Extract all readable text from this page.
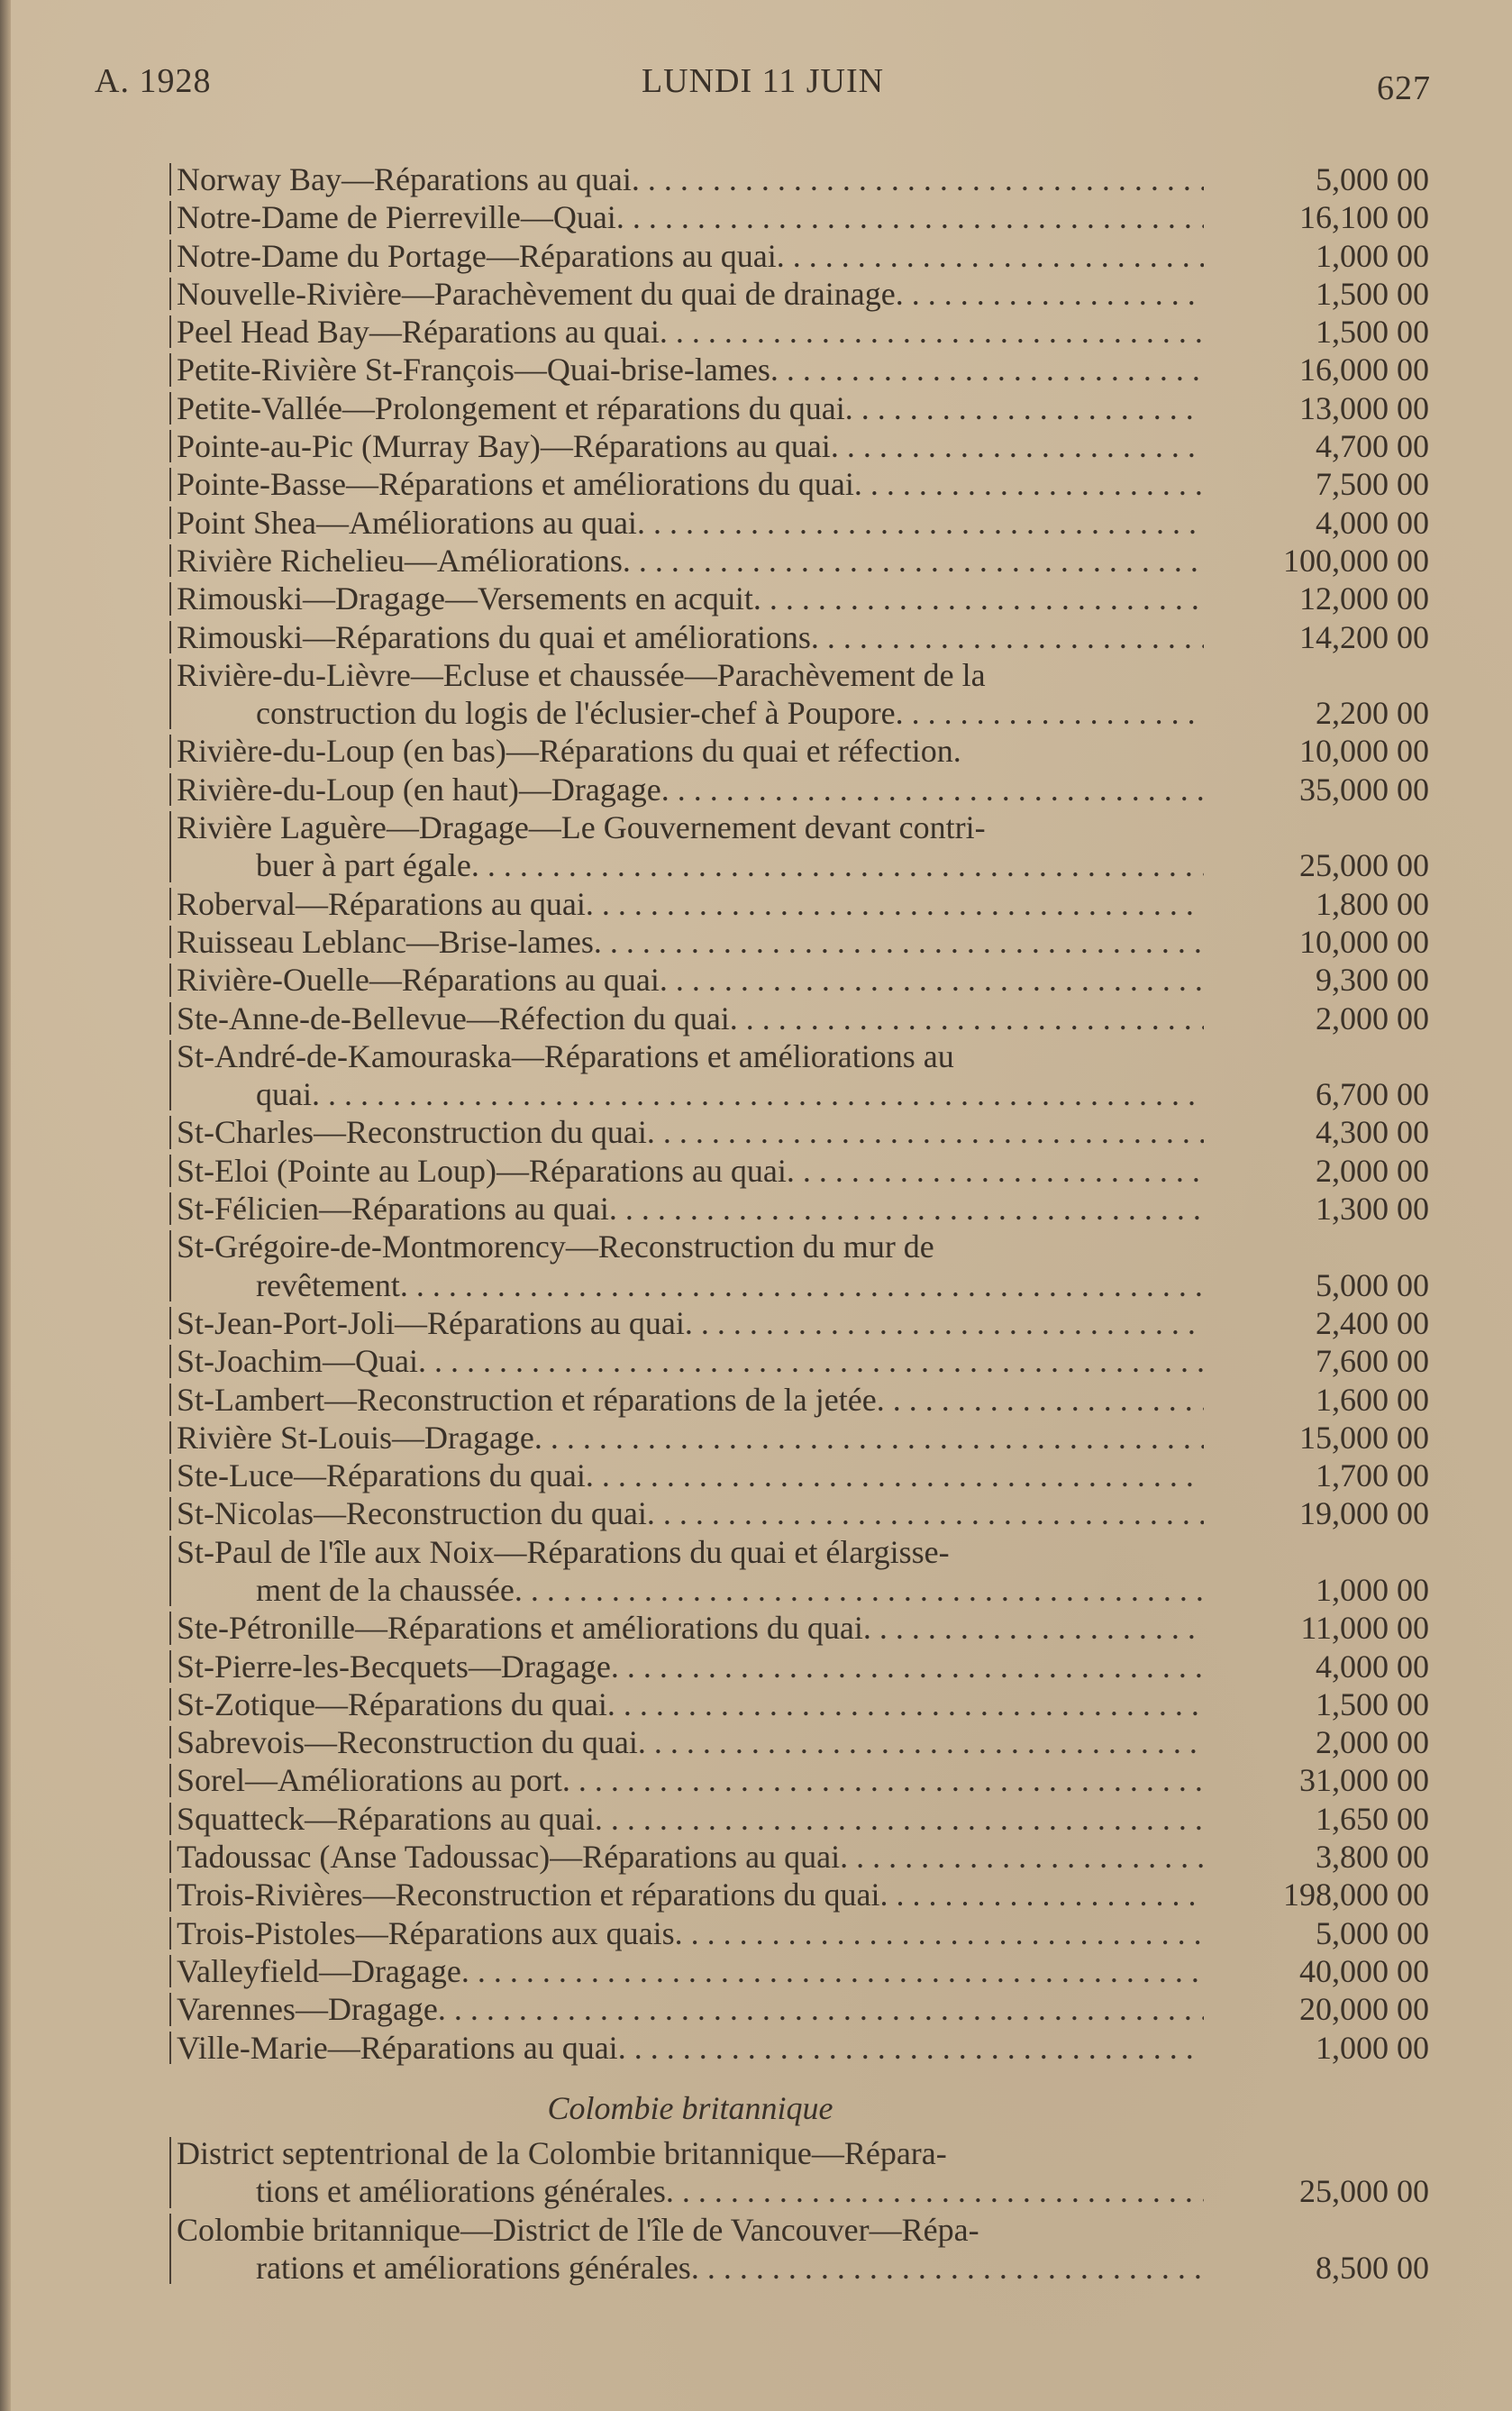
A. 1928	LUNDI 11 JUIN	627
Norway Bay—Réparations au quai . . .	5,000 00
Notre-Dame de Pierreville—Quai . . .	16,100 00
Notre-Dame du Portage—Réparations au quai . . .	1,000 00
Nouvelle-Rivière—Parachèvement du quai de drainage . . .	1,500 00
Peel Head Bay—Réparations au quai . . .	1,500 00
Petite-Rivière St-François—Quai-brise-lames . . .	16,000 00
Petite-Vallée—Prolongement et réparations du quai . . .	13,000 00
Pointe-au-Pic (Murray Bay)—Réparations au quai . . .	4,700 00
Pointe-Basse—Réparations et améliorations du quai . . .	7,500 00
Point Shea—Améliorations au quai . . .	4,000 00
Rivière Richelieu—Améliorations . . .	100,000 00
Rimouski—Dragage—Versements en acquit . . .	12,000 00
Rimouski—Réparations du quai et améliorations . . .	14,200 00
Rivière-du-Lièvre—Ecluse et chaussée—Parachèvement de la
construction du logis de l'éclusier-chef à Poupore . . .	2,200 00
Rivière-du-Loup (en bas)—Réparations du quai et réfection.	10,000 00
Rivière-du-Loup (en haut)—Dragage . . .	35,000 00
Rivière Laguère—Dragage—Le Gouvernement devant contri-
buer à part égale . . .	25,000 00
Roberval—Réparations au quai . . .	1,800 00
Ruisseau Leblanc—Brise-lames . . .	10,000 00
Rivière-Ouelle—Réparations au quai . . .	9,300 00
Ste-Anne-de-Bellevue—Réfection du quai . . .	2,000 00
St-André-de-Kamouraska—Réparations et améliorations au
quai . . .	6,700 00
St-Charles—Reconstruction du quai . . .	4,300 00
St-Eloi (Pointe au Loup)—Réparations au quai . . .	2,000 00
St-Félicien—Réparations au quai . . .	1,300 00
St-Grégoire-de-Montmorency—Reconstruction du mur de
revêtement . . .	5,000 00
St-Jean-Port-Joli—Réparations au quai . . .	2,400 00
St-Joachim—Quai . . .	7,600 00
St-Lambert—Reconstruction et réparations de la jetée . . .	1,600 00
Rivière St-Louis—Dragage . . .	15,000 00
Ste-Luce—Réparations du quai . . .	1,700 00
St-Nicolas—Reconstruction du quai . . .	19,000 00
St-Paul de l'île aux Noix—Réparations du quai et élargisse-
ment de la chaussée . . .	1,000 00
Ste-Pétronille—Réparations et améliorations du quai . . .	11,000 00
St-Pierre-les-Becquets—Dragage . . .	4,000 00
St-Zotique—Réparations du quai . . .	1,500 00
Sabrevois—Reconstruction du quai . . .	2,000 00
Sorel—Améliorations au port . . .	31,000 00
Squatteck—Réparations au quai . . .	1,650 00
Tadoussac (Anse Tadoussac)—Réparations au quai . . .	3,800 00
Trois-Rivières—Reconstruction et réparations du quai . . .	198,000 00
Trois-Pistoles—Réparations aux quais . . .	5,000 00
Valleyfield—Dragage . . .	40,000 00
Varennes—Dragage . . .	20,000 00
Ville-Marie—Réparations au quai . . .	1,000 00
Colombie britannique
District septentrional de la Colombie britannique—Répara-
tions et améliorations générales . . .	25,000 00
Colombie britannique—District de l'île de Vancouver—Répa-
rations et améliorations générales . . .	8,500 00
